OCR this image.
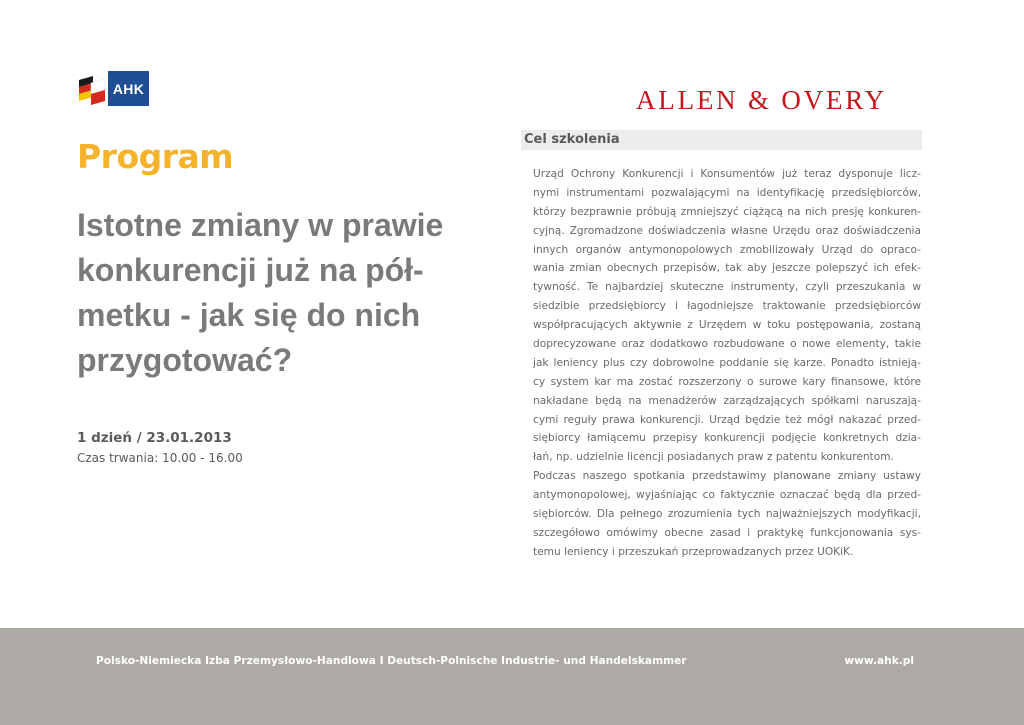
AHK	ALLEN & OVERY
Program
Istotne zmiany w prawie
konkurencji już na pół-
metku - jak się do nich
przygotować?
1 dzień / 23.01.2013
Czas trwania: 10.00 - 16.00
Cel szkolenia
Urząd Ochrony Konkurencji i Konsumentów już teraz dysponuje licz-
nymi instrumentami pozwalającymi na identyfikację przedsiębiorców,
którzy bezprawnie próbują zmniejszyć ciążącą na nich presję konkuren-
cyjną. Zgromadzone doświadczenia własne Urzędu oraz doświadczenia
innych organów antymonopolowych zmobilizowały Urząd do opraco-
wania zmian obecnych przepisów, tak aby jeszcze polepszyć ich efek-
tywność. Te najbardziej skuteczne instrumenty, czyli przeszukania w
siedzibie przedsiębiorcy i łagodniejsze traktowanie przedsiębiorców
współpracujących aktywnie z Urzędem w toku postępowania, zostaną
doprecyzowane oraz dodatkowo rozbudowane o nowe elementy, takie
jak leniency plus czy dobrowolne poddanie się karze. Ponadto istnieją-
cy system kar ma zostać rozszerzony o surowe kary finansowe, które
nakładane będą na menadżerów zarządzających spółkami naruszają-
cymi reguły prawa konkurencji. Urząd będzie też mógł nakazać przed-
siębiorcy łamiącemu przepisy konkurencji podjęcie konkretnych dzia-
łań, np. udzielnie licencji posiadanych praw z patentu konkurentom.
Podczas naszego spotkania przedstawimy planowane zmiany ustawy
antymonopolowej, wyjaśniając co faktycznie oznaczać będą dla przed-
siębiorców. Dla pełnego zrozumienia tych najważniejszych modyfikacji,
szczegółowo omówimy obecne zasad i praktykę funkcjonowania sys-
temu leniency i przeszukań przeprowadzanych przez UOKiK.
Polsko-Niemiecka Izba Przemysłowo-Handlowa I Deutsch-Polnische Industrie- und Handelskammer	www.ahk.pl
